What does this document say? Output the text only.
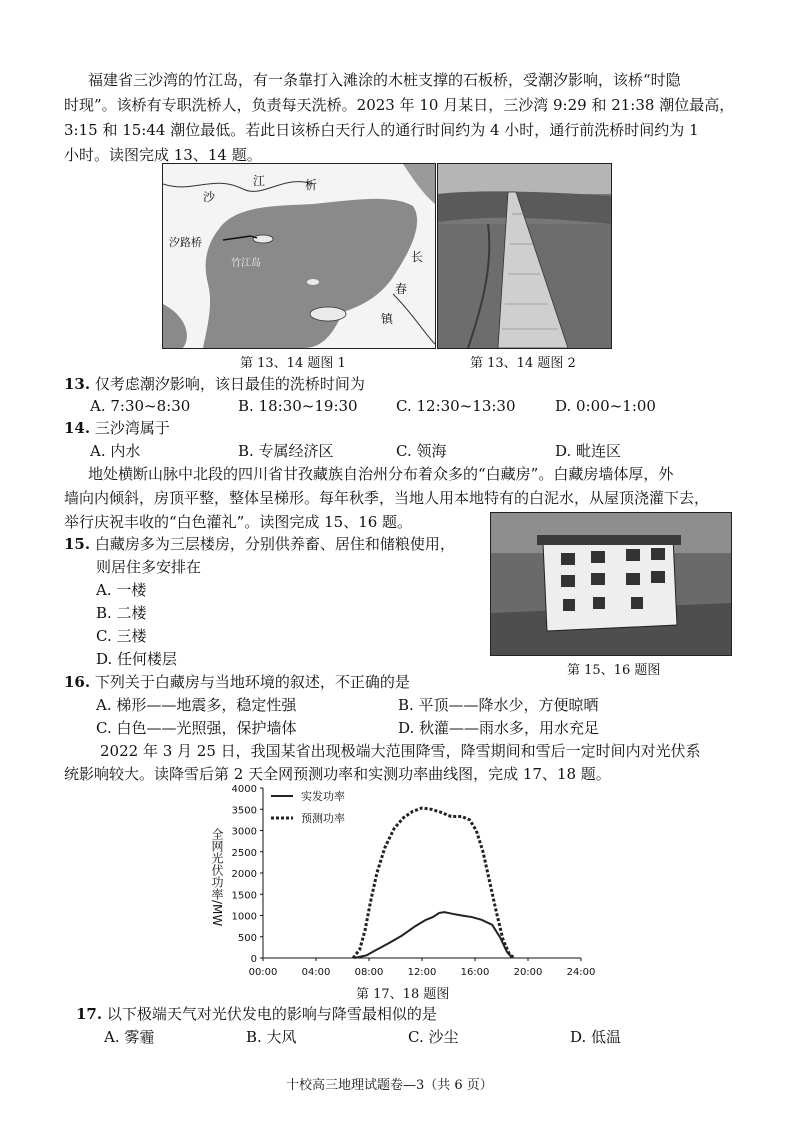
福建省三沙湾的竹江岛，有一条靠打入滩涂的木桩支撑的石板桥，受潮汐影响，该桥“时隐
时现”。该桥有专职洗桥人，负责每天洗桥。2023 年 10 月某日，三沙湾 9:29 和 21:38 潮位最高，
3:15 和 15:44 潮位最低。若此日该桥白天行人的通行时间约为 4 小时，通行前洗桥时间约为 1
小时。读图完成 13、14 题。
沙
江	析
长
春
镇
汐路桥
竹江岛
第 13、14 题图 1	第 13、14 题图 2
13. 仅考虑潮汐影响，该日最佳的洗桥时间为
A. 7:30~8:30	B. 18:30~19:30	C. 12:30~13:30	D. 0:00~1:00
14. 三沙湾属于
A. 内水	B. 专属经济区	C. 领海	D. 毗连区
地处横断山脉中北段的四川省甘孜藏族自治州分布着众多的“白藏房”。白藏房墙体厚，外
墙向内倾斜，房顶平整，整体呈梯形。每年秋季，当地人用本地特有的白泥水，从屋顶浇灌下去，
举行庆祝丰收的“白色灌礼”。读图完成 15、16 题。
第 15、16 题图
15. 白藏房多为三层楼房，分别供养畜、居住和储粮使用，
则居住多安排在
A. 一楼
B. 二楼
C. 三楼
D. 任何楼层
16. 下列关于白藏房与当地环境的叙述，不正确的是
A. 梯形——地震多，稳定性强	B. 平顶——降水少，方便晾晒
C. 白色——光照强，保护墙体	D. 秋灌——雨水多，用水充足
2022 年 3 月 25 日，我国某省出现极端大范围降雪，降雪期间和雪后一定时间内对光伏系
统影响较大。读降雪后第 2 天全网预测功率和实测功率曲线图，完成 17、18 题。
0
500
1000
1500
2000
2500
3000
3500
4000
00:00 04:00 08:00 12:00 16:00 20:00 24:00
全网光伏功率/MW
实发功率
预测功率
第 17、18 题图
17. 以下极端天气对光伏发电的影响与降雪最相似的是
A. 雾霾	B. 大风	C. 沙尘	D. 低温
十校高三地理试题卷—3（共 6 页）
